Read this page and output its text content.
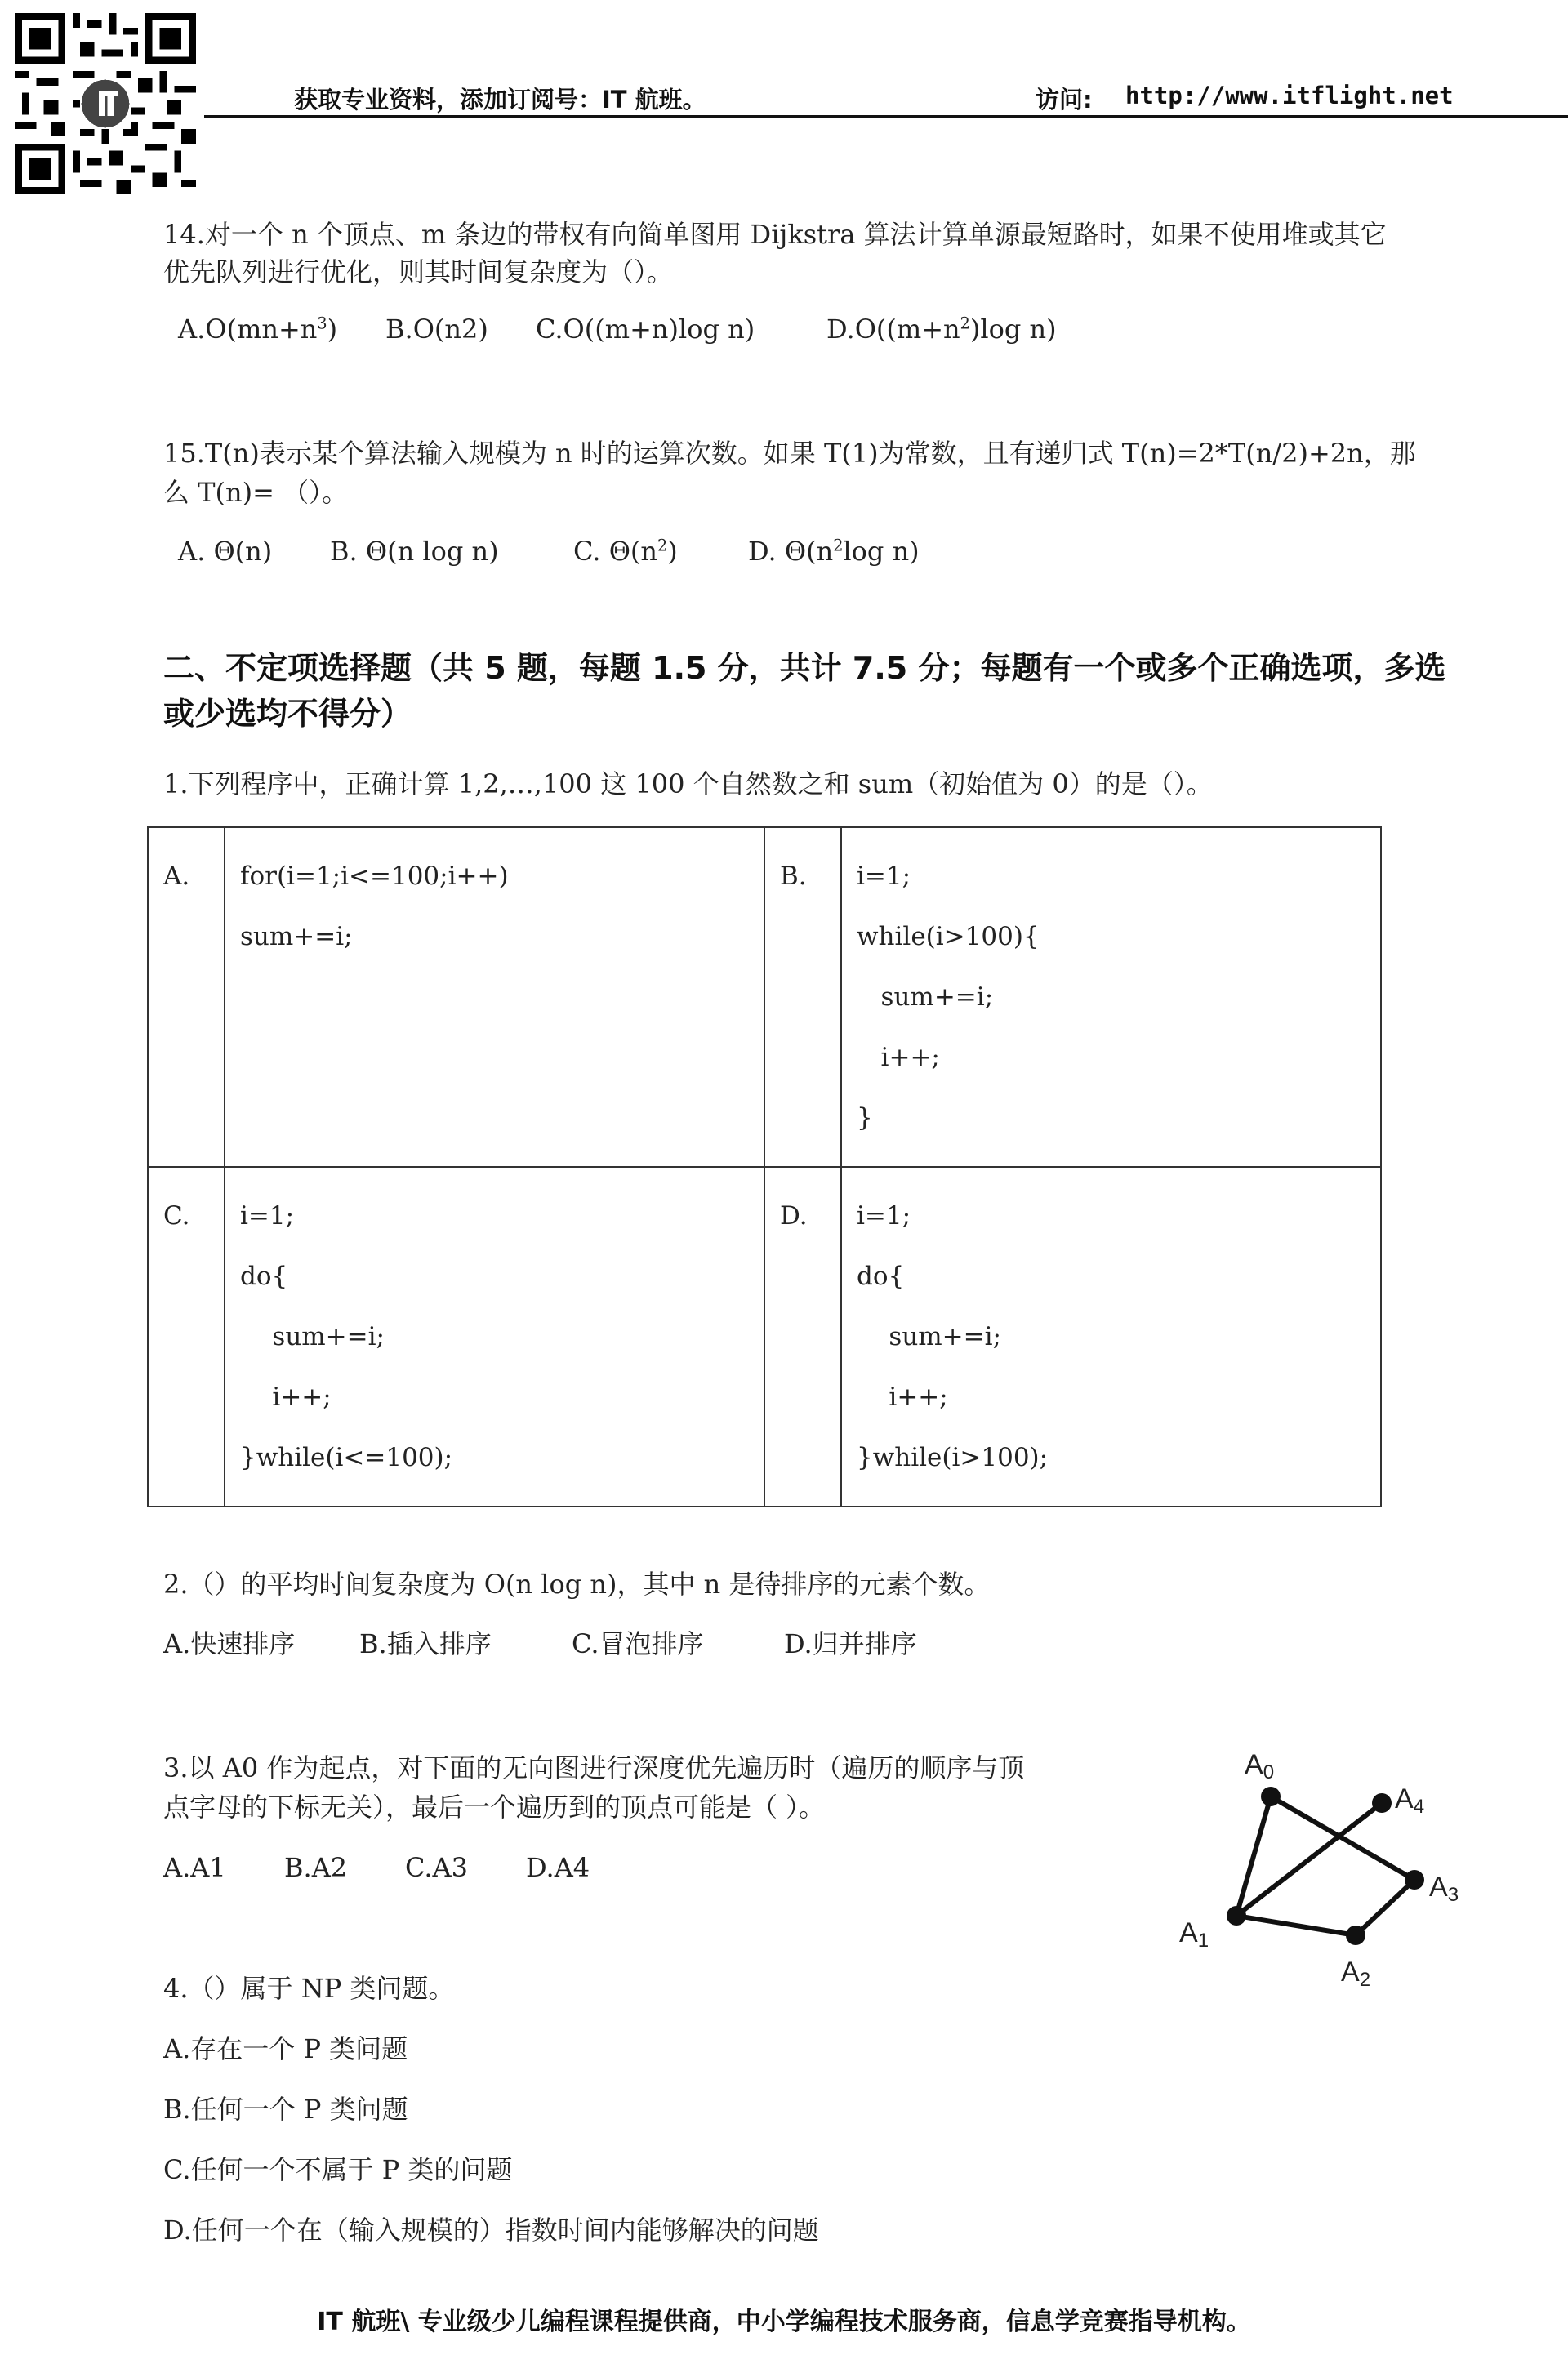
获取专业资料，添加订阅号：IT 航班。	访问: http://www.itflight.net
14.对一个 n 个顶点、m 条边的带权有向简单图用 Dijkstra 算法计算单源最短路时，如果不使用堆或其它
优先队列进行优化，则其时间复杂度为（）。
$A.O(mn+n^3)$ B.O(n2) C.O((m+n)log n)	$D.O((m+n^2)\log$ n)
15.T(n)表示某个算法输入规模为 n 时的运算次数。如果 T(1)为常数，且有递归式 T(n)=2*T(n/2)+2n，那
么 T(n)= （）。
A. Θ(n) B. Θ(n log n)	C. $\Theta(n^2)$	D. $\Theta(n^2\log$ n)
二、不定项选择题（共 5 题，每题 1.5 分，共计 7.5 分；每题有一个或多个正确选项，多选
或少选均不得分）
1.下列程序中，正确计算 1,2,…,100 这 100 个自然数之和 sum（初始值为 0）的是（）。
A.	for(i=1;i<=100;i++)
sum+=i;	B.	i=1;
while(i>100){
sum+=i;
i++;
}

C.	i=1;
do{
sum+=i;
i++;
}while(i<=100);	D.	i=1;
do{
sum+=i;
i++;
}while(i>100);
2.（）的平均时间复杂度为 O(n log n)，其中 n 是待排序的元素个数。
A.快速排序 B.插入排序	C.冒泡排序	D.归并排序
3.以 A0 作为起点，对下面的无向图进行深度优先遍历时（遍历的顺序与顶
点字母的下标无关），最后一个遍历到的顶点可能是（ ）。
A.A1 B.A2 C.A3 D.A4
A0
A4
A3
A1
A2
4.（）属于 NP 类问题。
A.存在一个 P 类问题
B.任何一个 P 类问题
C.任何一个不属于 P 类的问题
D.任何一个在（输入规模的）指数时间内能够解决的问题
IT 航班\ 专业级少儿编程课程提供商，中小学编程技术服务商，信息学竞赛指导机构。
